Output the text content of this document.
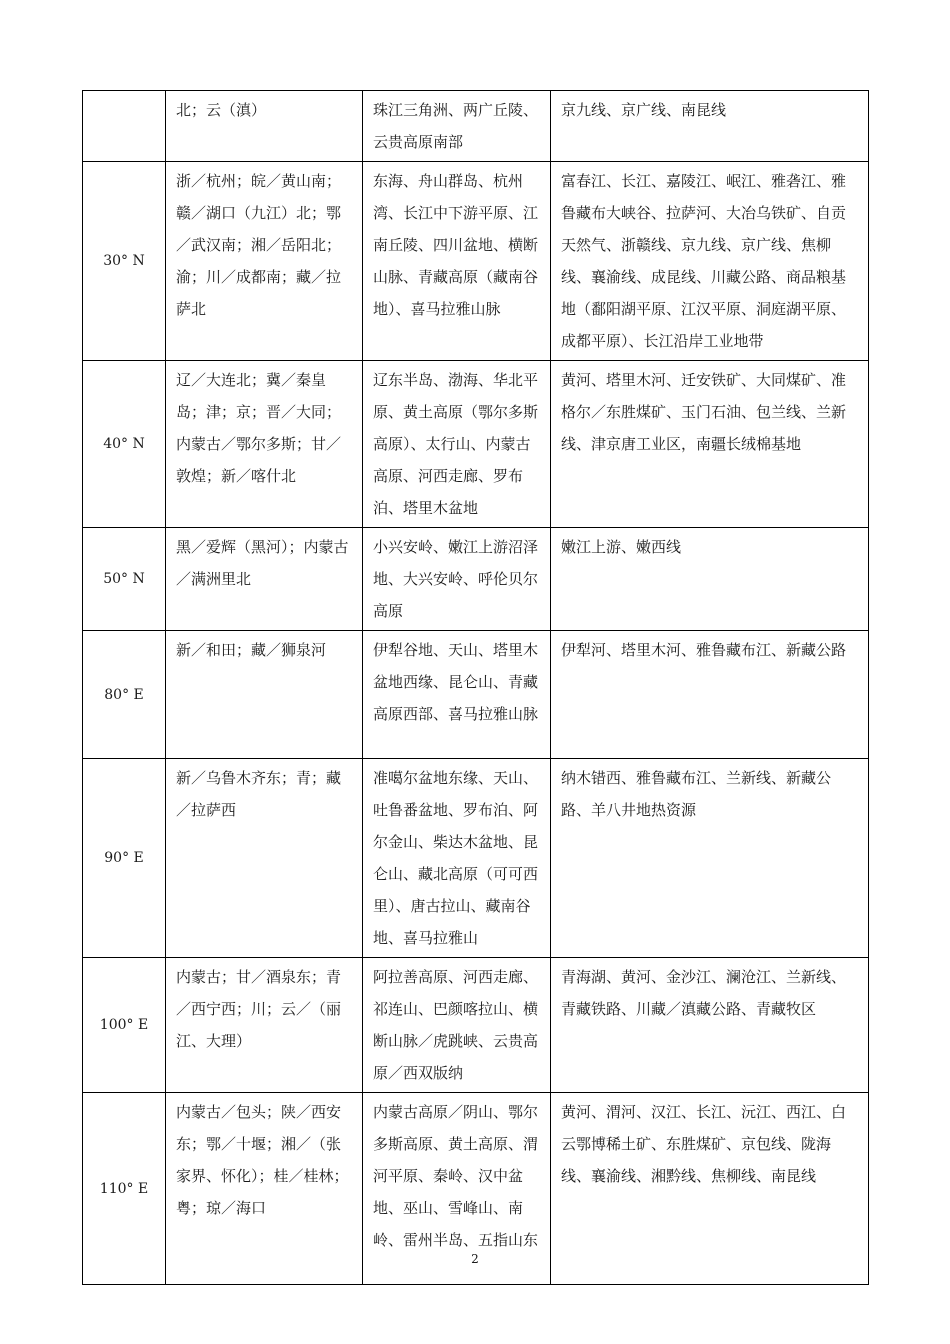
	北；云（滇）	珠江三角洲、两广丘陵、云贵高原南部	京九线、京广线、南昆线
30° N	浙／杭州；皖／黄山南；赣／湖口（九江）北；鄂／武汉南；湘／岳阳北；渝；川／成都南；藏／拉萨北	东海、舟山群岛、杭州湾、长江中下游平原、江南丘陵、四川盆地、横断山脉、青藏高原（藏南谷地）、喜马拉雅山脉	富春江、长江、嘉陵江、岷江、雅砻江、雅鲁藏布大峡谷、拉萨河、大冶乌铁矿、自贡天然气、浙赣线、京九线、京广线、焦柳线、襄渝线、成昆线、川藏公路、商品粮基地（鄱阳湖平原、江汉平原、洞庭湖平原、成都平原）、长江沿岸工业地带
40° N	辽／大连北；冀／秦皇岛；津；京；晋／大同；内蒙古／鄂尔多斯；甘／敦煌；新／喀什北	辽东半岛、渤海、华北平原、黄土高原（鄂尔多斯高原）、太行山、内蒙古高原、河西走廊、罗布泊、塔里木盆地	黄河、塔里木河、迁安铁矿、大同煤矿、准格尔／东胜煤矿、玉门石油、包兰线、兰新线、津京唐工业区，南疆长绒棉基地
50° N	黑／爱辉（黑河）；内蒙古／满洲里北	小兴安岭、嫩江上游沼泽地、大兴安岭、呼伦贝尔高原	嫩江上游、嫩西线
80° E	新／和田；藏／狮泉河	伊犁谷地、天山、塔里木盆地西缘、昆仑山、青藏高原西部、喜马拉雅山脉	伊犁河、塔里木河、雅鲁藏布江、新藏公路
90° E	新／乌鲁木齐东；青；藏／拉萨西	准噶尔盆地东缘、天山、吐鲁番盆地、罗布泊、阿尔金山、柴达木盆地、昆仑山、藏北高原（可可西里）、唐古拉山、藏南谷地、喜马拉雅山	纳木错西、雅鲁藏布江、兰新线、新藏公路、羊八井地热资源
100° E	内蒙古；甘／酒泉东；青／西宁西；川；云／（丽江、大理）	阿拉善高原、河西走廊、祁连山、巴颜喀拉山、横断山脉／虎跳峡、云贵高原／西双版纳	青海湖、黄河、金沙江、澜沧江、兰新线、青藏铁路、川藏／滇藏公路、青藏牧区
110° E	内蒙古／包头；陕／西安东；鄂／十堰；湘／（张家界、怀化）；桂／桂林；粤；琼／海口	内蒙古高原／阴山、鄂尔多斯高原、黄土高原、渭河平原、秦岭、汉中盆地、巫山、雪峰山、南岭、雷州半岛、五指山东	黄河、渭河、汉江、长江、沅江、西江、白云鄂博稀土矿、东胜煤矿、京包线、陇海线、襄渝线、湘黔线、焦柳线、南昆线
2
